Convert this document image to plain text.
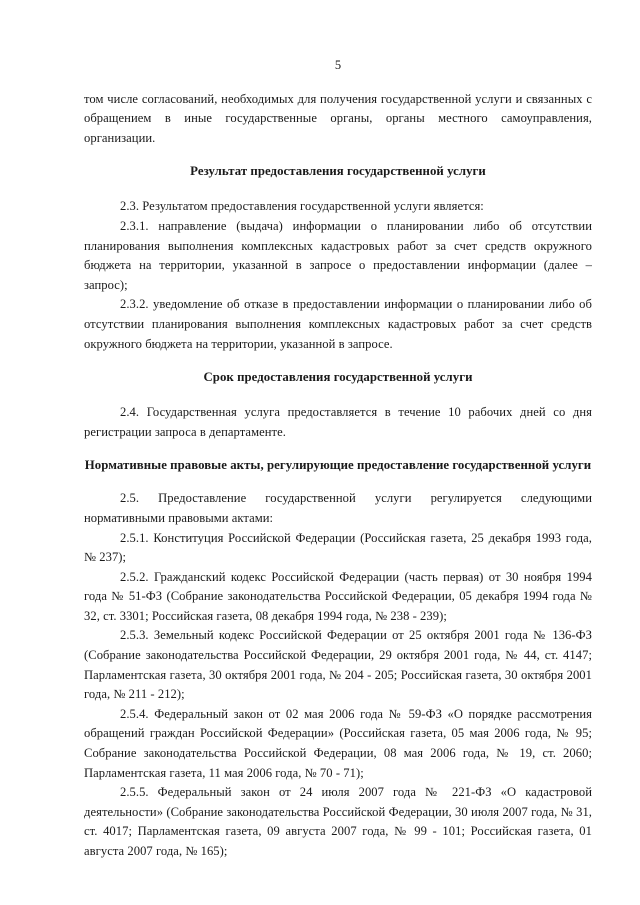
5

том числе согласований, необходимых для получения государственной услуги и связанных с обращением в иные государственные органы, органы местного самоуправления, организации.

Результат предоставления государственной услуги

2.3. Результатом предоставления государственной услуги является:

2.3.1. направление (выдача) информации о планировании либо об отсутствии планирования выполнения комплексных кадастровых работ за счет средств окружного бюджета на территории, указанной в запросе о предоставлении информации (далее – запрос);

2.3.2. уведомление об отказе в предоставлении информации о планировании либо об отсутствии планирования выполнения комплексных кадастровых работ за счет средств окружного бюджета на территории, указанной в запросе.

Срок предоставления государственной услуги

2.4. Государственная услуга предоставляется в течение 10 рабочих дней со дня регистрации запроса в департаменте.

Нормативные правовые акты, регулирующие предоставление государственной услуги

2.5. Предоставление государственной услуги регулируется следующими нормативными правовыми актами:

2.5.1. Конституция Российской Федерации (Российская газета, 25 декабря 1993 года, № 237);

2.5.2. Гражданский кодекс Российской Федерации (часть первая) от 30 ноября 1994 года № 51-ФЗ (Собрание законодательства Российской Федерации, 05 декабря 1994 года № 32, ст. 3301; Российская газета, 08 декабря 1994 года, № 238 - 239);

2.5.3. Земельный кодекс Российской Федерации от 25 октября 2001 года № 136-ФЗ (Собрание законодательства Российской Федерации, 29 октября 2001 года, № 44, ст. 4147; Парламентская газета, 30 октября 2001 года, № 204 - 205; Российская газета, 30 октября 2001 года, № 211 - 212);

2.5.4. Федеральный закон от 02 мая 2006 года № 59-ФЗ «О порядке рассмотрения обращений граждан Российской Федерации» (Российская газета, 05 мая 2006 года, № 95; Собрание законодательства Российской Федерации, 08 мая 2006 года, № 19, ст. 2060; Парламентская газета, 11 мая 2006 года, № 70 - 71);

2.5.5. Федеральный закон от 24 июля 2007 года № 221-ФЗ «О кадастровой деятельности» (Собрание законодательства Российской Федерации, 30 июля 2007 года, № 31, ст. 4017; Парламентская газета, 09 августа 2007 года, № 99 - 101; Российская газета, 01 августа 2007 года, № 165);
